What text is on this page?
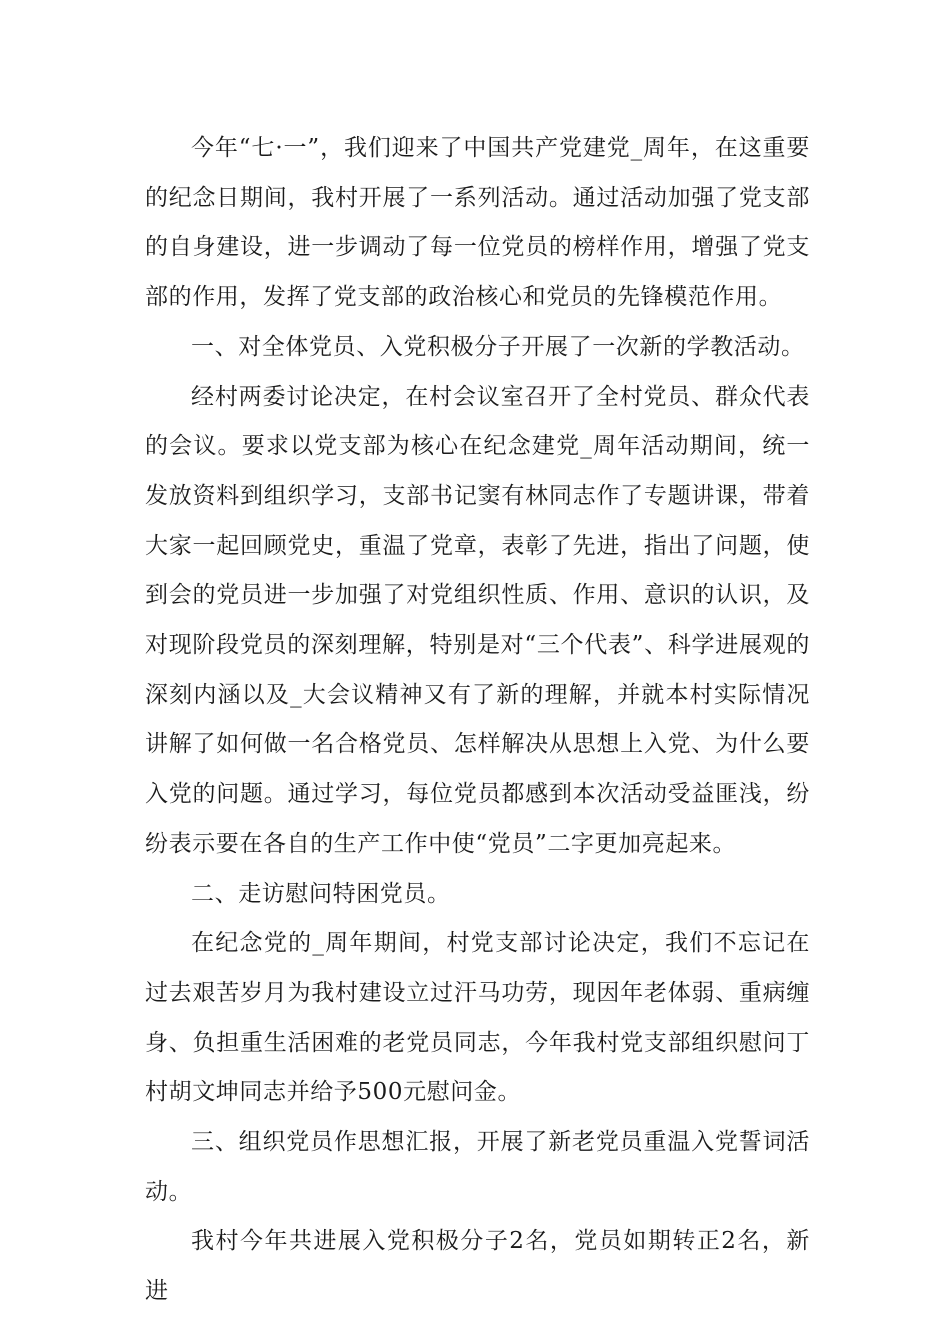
今年“七·一”，我们迎来了中国共产党建党_周年，在这重要的纪念日期间，我村开展了一系列活动。通过活动加强了党支部的自身建设，进一步调动了每一位党员的榜样作用，增强了党支部的作用，发挥了党支部的政治核心和党员的先锋模范作用。

一、对全体党员、入党积极分子开展了一次新的学教活动。

经村两委讨论决定，在村会议室召开了全村党员、群众代表的会议。要求以党支部为核心在纪念建党_周年活动期间，统一发放资料到组织学习，支部书记窦有林同志作了专题讲课，带着大家一起回顾党史，重温了党章，表彰了先进，指出了问题，使到会的党员进一步加强了对党组织性质、作用、意识的认识，及对现阶段党员的深刻理解，特别是对“三个代表”、科学进展观的深刻内涵以及_大会议精神又有了新的理解，并就本村实际情况讲解了如何做一名合格党员、怎样解决从思想上入党、为什么要入党的问题。通过学习，每位党员都感到本次活动受益匪浅，纷纷表示要在各自的生产工作中使“党员”二字更加亮起来。

二、走访慰问特困党员。

在纪念党的_周年期间，村党支部讨论决定，我们不忘记在过去艰苦岁月为我村建设立过汗马功劳，现因年老体弱、重病缠身、负担重生活困难的老党员同志，今年我村党支部组织慰问丁村胡文坤同志并给予500元慰问金。

三、组织党员作思想汇报，开展了新老党员重温入党誓词活动。

我村今年共进展入党积极分子2名，党员如期转正2名，新进
